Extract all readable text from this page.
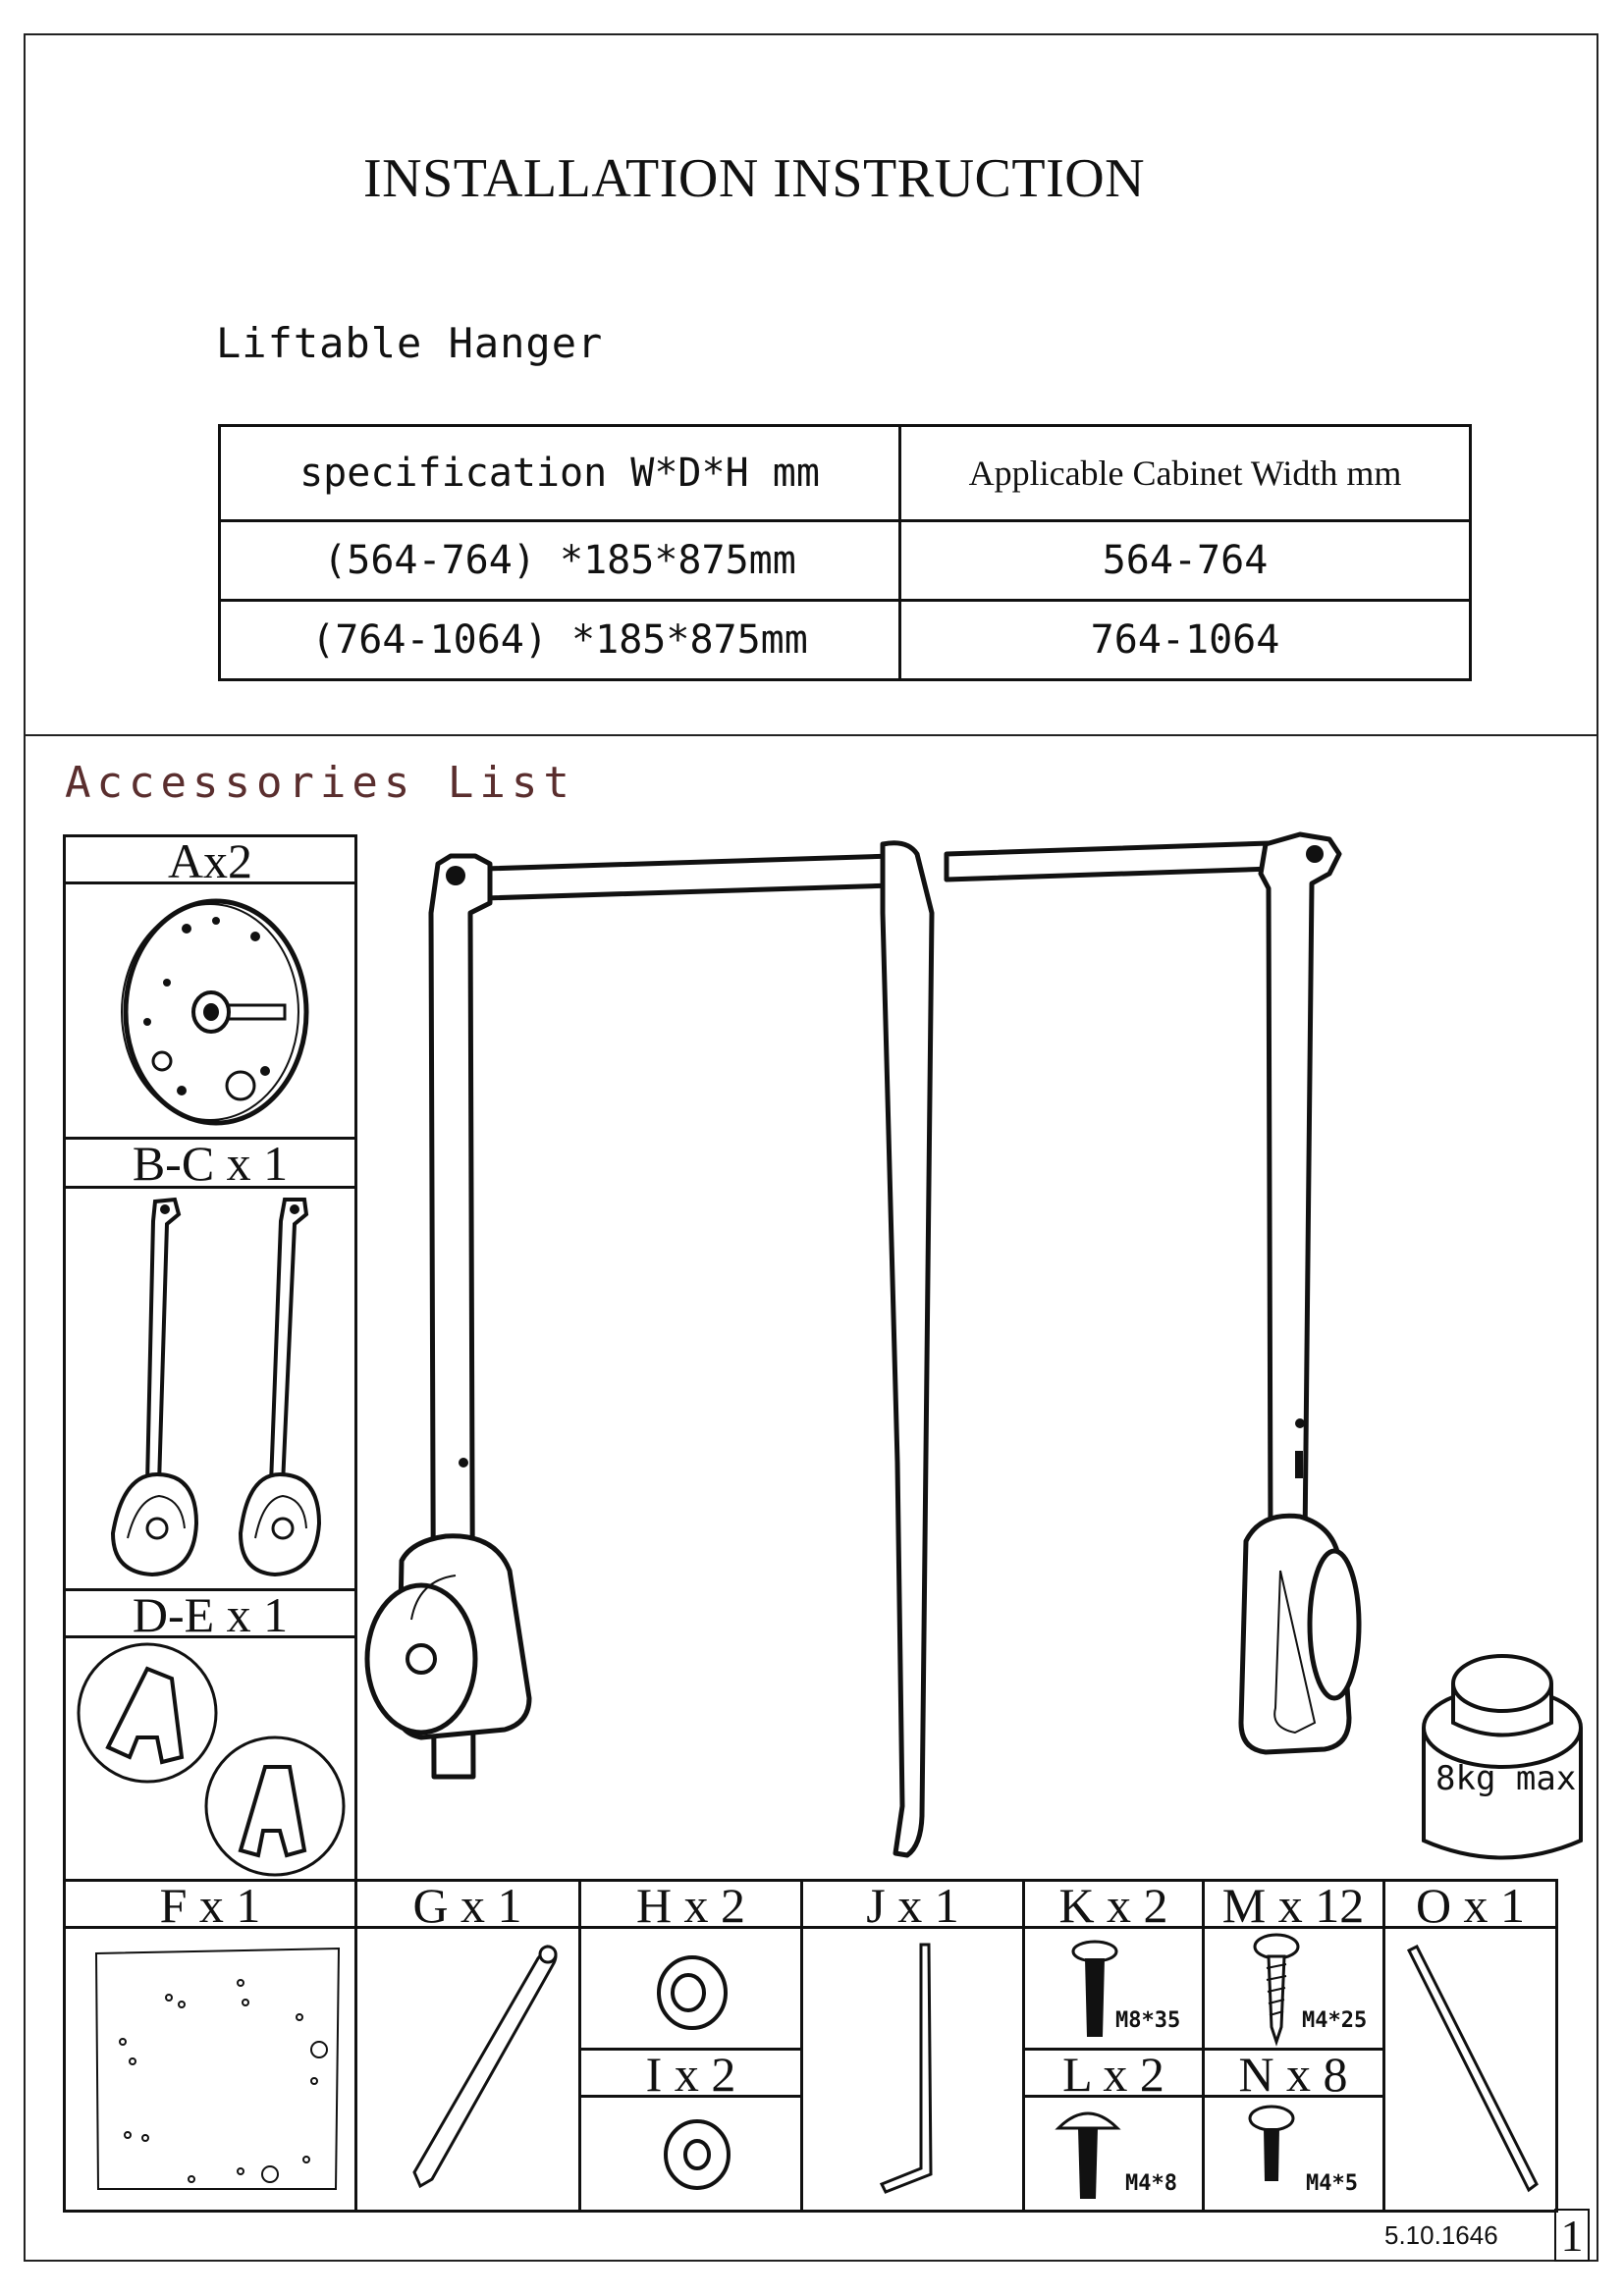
INSTALLATION INSTRUCTION
Liftable Hanger
specification W*D*H mm	Applicable Cabinet Width mm
(564-764) *185*875mm	564-764
(764-1064) *185*875mm	764-1064
Accessories List
Ax2
B-C x 1
D-E x 1
F x 1	G x 1	H x 2	J x 1	K x 2	M x 12	O x 1
I x 2	L x 2	N x 8
M8*35	M4*25
M4*8	M4*5
8kg max
5.10.1646 1
